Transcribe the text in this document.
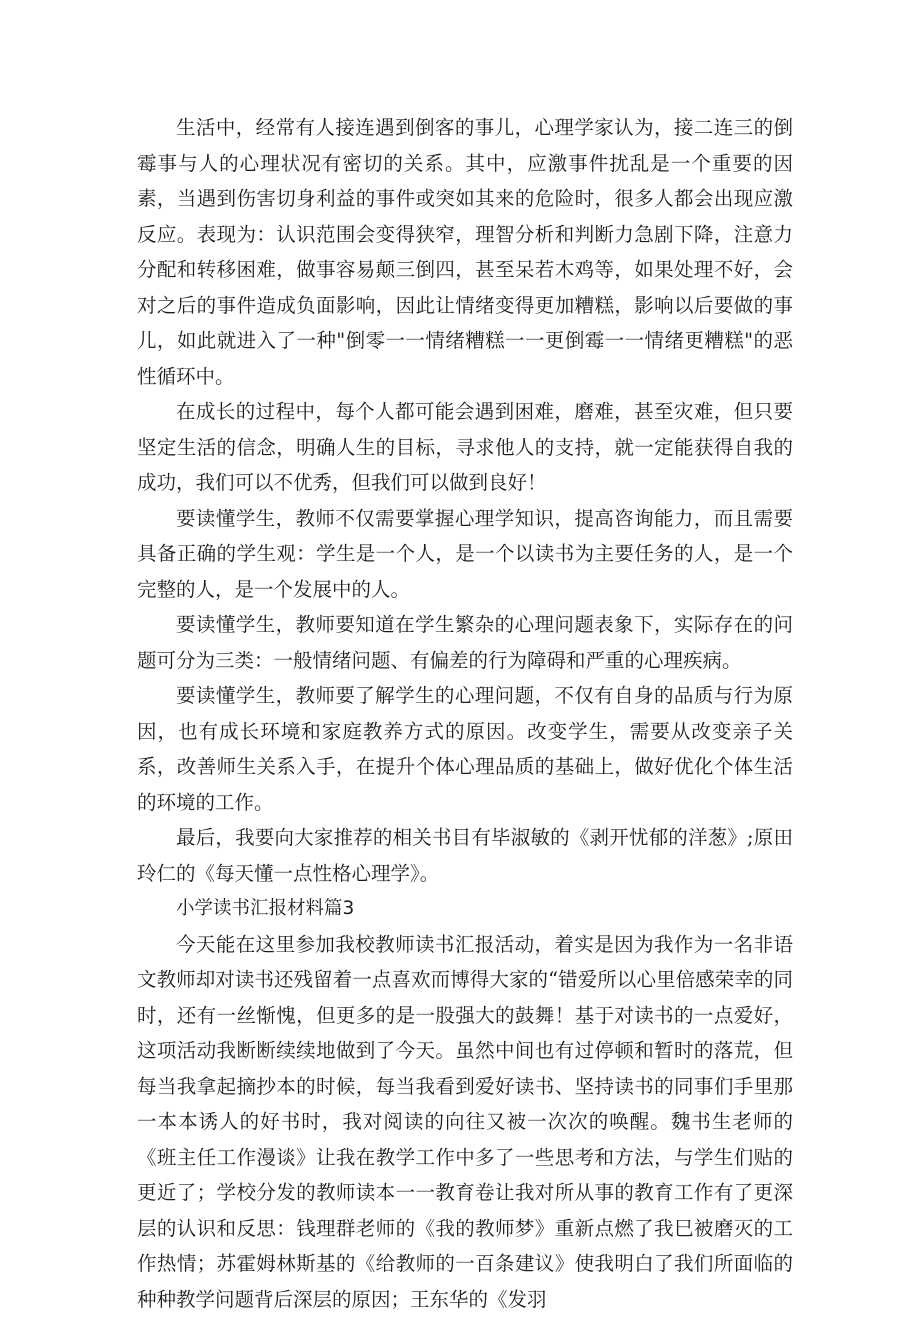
生活中，经常有人接连遇到倒客的事儿，心理学家认为，接二连三的倒霉事与人的心理状况有密切的关系。其中，应激事件扰乱是一个重要的因素，当遇到伤害切身利益的事件或突如其来的危险时，很多人都会出现应激反应。表现为：认识范围会变得狭窄，理智分析和判断力急剧下降，注意力分配和转移困难，做事容易颠三倒四，甚至呆若木鸡等，如果处理不好，会对之后的事件造成负面影响，因此让情绪变得更加糟糕，影响以后要做的事儿，如此就进入了一种"倒零一一情绪糟糕一一更倒霉一一情绪更糟糕"的恶性循环中。

在成长的过程中，每个人都可能会遇到困难，磨难，甚至灾难，但只要坚定生活的信念，明确人生的目标，寻求他人的支持，就一定能获得自我的成功，我们可以不优秀，但我们可以做到良好！

要读懂学生，教师不仅需要掌握心理学知识，提高咨询能力，而且需要具备正确的学生观：学生是一个人，是一个以读书为主要任务的人，是一个完整的人，是一个发展中的人。

要读懂学生，教师要知道在学生繁杂的心理问题表象下，实际存在的问题可分为三类：一般情绪问题、有偏差的行为障碍和严重的心理疾病。

要读懂学生，教师要了解学生的心理问题，不仅有自身的品质与行为原因，也有成长环境和家庭教养方式的原因。改变学生，需要从改变亲子关系，改善师生关系入手，在提升个体心理品质的基础上，做好优化个体生活的环境的工作。

最后，我要向大家推荐的相关书目有毕淑敏的《剥开忧郁的洋葱》;原田玲仁的《每天懂一点性格心理学》。

小学读书汇报材料篇3

今天能在这里参加我校教师读书汇报活动，着实是因为我作为一名非语文教师却对读书还残留着一点喜欢而博得大家的“错爱所以心里倍感荣幸的同时，还有一丝惭愧，但更多的是一股强大的鼓舞！基于对读书的一点爱好，这项活动我断断续续地做到了今天。虽然中间也有过停顿和暂时的落荒，但每当我拿起摘抄本的时候，每当我看到爱好读书、坚持读书的同事们手里那一本本诱人的好书时，我对阅读的向往又被一次次的唤醒。魏书生老师的《班主任工作漫谈》让我在教学工作中多了一些思考和方法，与学生们贴的更近了；学校分发的教师读本一一教育卷让我对所从事的教育工作有了更深层的认识和反思：钱理群老师的《我的教师梦》重新点燃了我巳被磨灭的工作热情；苏霍姆林斯基的《给教师的一百条建议》使我明白了我们所面临的种种教学问题背后深层的原因；王东华的《发羽
